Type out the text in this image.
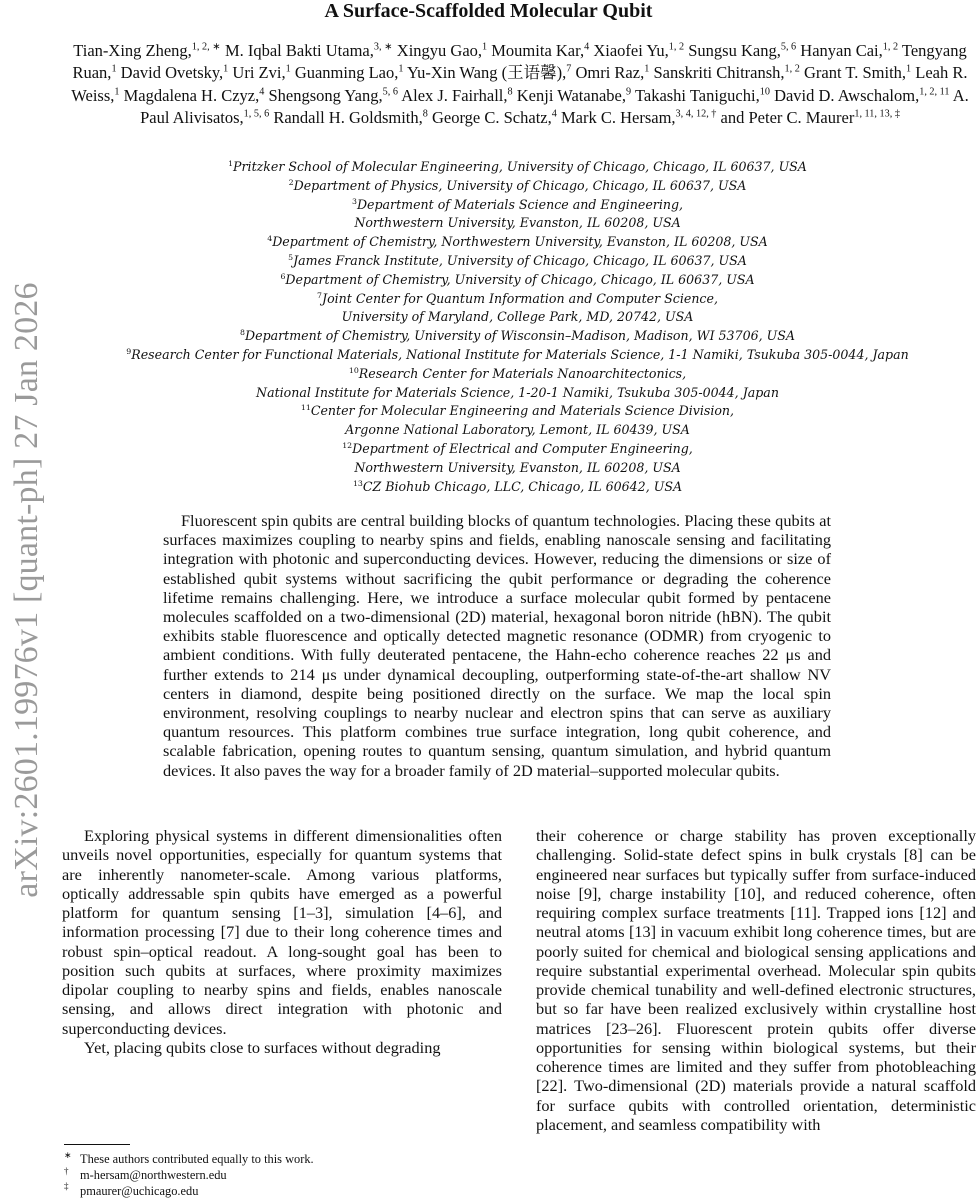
arXiv:2601.19976v1 [quant-ph] 27 Jan 2026
A Surface-Scaffolded Molecular Qubit
Tian-Xing Zheng,$^{1, 2, ∗}$ M. Iqbal Bakti Utama,$^{3, ∗}$ Xingyu Gao,$^1$ Moumita Kar,$^4$ Xiaofei Yu,$^{1, 2}$ Sungsu Kang,$^{5, 6}$ Hanyan Cai,$^{1, 2}$ Tengyang Ruan,$^1$ David Ovetsky,$^1$ Uri Zvi,$^1$ Guanming Lao,$^1$ Yu-Xin Wang (王语馨),$^7$ Omri Raz,$^1$ Sanskriti Chitransh,$^{1, 2}$ Grant T. Smith,$^1$ Leah R. Weiss,$^1$ Magdalena H. Czyz,$^4$ Shengsong Yang,$^{5, 6}$ Alex J. Fairhall,$^8$ Kenji Watanabe,$^9$ Takashi Taniguchi,$^{10}$ David D. Awschalom,$^{1, 2, 11}$ A. Paul Alivisatos,$^{1, 5, 6}$ Randall H. Goldsmith,$^8$ George C. Schatz,$^4$ Mark C. Hersam,$^{3, 4, 12, \dagger}$ and Peter C. Maurer$^{1, 11, 13, \ddagger}$
$^1$Pritzker School of Molecular Engineering, University of Chicago, Chicago, IL 60637, USA
$^2$Department of Physics, University of Chicago, Chicago, IL 60637, USA
$^3$Department of Materials Science and Engineering,
Northwestern University, Evanston, IL 60208, USA
$^4$Department of Chemistry, Northwestern University, Evanston, IL 60208, USA
$^5$James Franck Institute, University of Chicago, Chicago, IL 60637, USA
$^6$Department of Chemistry, University of Chicago, Chicago, IL 60637, USA
$^7$Joint Center for Quantum Information and Computer Science,
University of Maryland, College Park, MD, 20742, USA
$^8$Department of Chemistry, University of Wisconsin–Madison, Madison, WI 53706, USA
$^9$Research Center for Functional Materials, National Institute for Materials Science, 1-1 Namiki, Tsukuba 305-0044, Japan
$^{10}$Research Center for Materials Nanoarchitectonics,
National Institute for Materials Science, 1-20-1 Namiki, Tsukuba 305-0044, Japan
$^{11}$Center for Molecular Engineering and Materials Science Division,
Argonne National Laboratory, Lemont, IL 60439, USA
$^{12}$Department of Electrical and Computer Engineering,
Northwestern University, Evanston, IL 60208, USA
$^{13}$CZ Biohub Chicago, LLC, Chicago, IL 60642, USA
Fluorescent spin qubits are central building blocks of quantum technologies. Placing these qubits at surfaces maximizes coupling to nearby spins and fields, enabling nanoscale sensing and facilitating integration with photonic and superconducting devices. However, reducing the dimensions or size of established qubit systems without sacrificing the qubit performance or degrading the coherence lifetime remains challenging. Here, we introduce a surface molecular qubit formed by pentacene molecules scaffolded on a two-dimensional (2D) material, hexagonal boron nitride (hBN). The qubit exhibits stable fluorescence and optically detected magnetic resonance (ODMR) from cryogenic to ambient conditions. With fully deuterated pentacene, the Hahn-echo coherence reaches 22 μs and further extends to 214 μs under dynamical decoupling, outperforming state-of-the-art shallow NV centers in diamond, despite being positioned directly on the surface. We map the local spin environment, resolving couplings to nearby nuclear and electron spins that can serve as auxiliary quantum resources. This platform combines true surface integration, long qubit coherence, and scalable fabrication, opening routes to quantum sensing, quantum simulation, and hybrid quantum devices. It also paves the way for a broader family of 2D material–supported molecular qubits.

Exploring physical systems in different dimensionalities often unveils novel opportunities, especially for quantum systems that are inherently nanometer-scale. Among various platforms, optically addressable spin qubits have emerged as a powerful platform for quantum sensing [1–3], simulation [4–6], and information processing [7] due to their long coherence times and robust spin–optical readout. A long-sought goal has been to position such qubits at surfaces, where proximity maximizes dipolar coupling to nearby spins and fields, enables nanoscale sensing, and allows direct integration with photonic and superconducting devices.

Yet, placing qubits close to surfaces without degrading

their coherence or charge stability has proven exceptionally challenging. Solid-state defect spins in bulk crystals [8] can be engineered near surfaces but typically suffer from surface-induced noise [9], charge instability [10], and reduced coherence, often requiring complex surface treatments [11]. Trapped ions [12] and neutral atoms [13] in vacuum exhibit long coherence times, but are poorly suited for chemical and biological sensing applications and require substantial experimental overhead. Molecular spin qubits provide chemical tunability and well-defined electronic structures, but so far have been realized exclusively within crystalline host matrices [23–26]. Fluorescent protein qubits offer diverse opportunities for sensing within biological systems, but their coherence times are limited and they suffer from photobleaching [22]. Two-dimensional (2D) materials provide a natural scaffold for surface qubits with controlled orientation, deterministic placement, and seamless compatibility with

∗ These authors contributed equally to this work.
† m-hersam@northwestern.edu
‡ pmaurer@uchicago.edu
